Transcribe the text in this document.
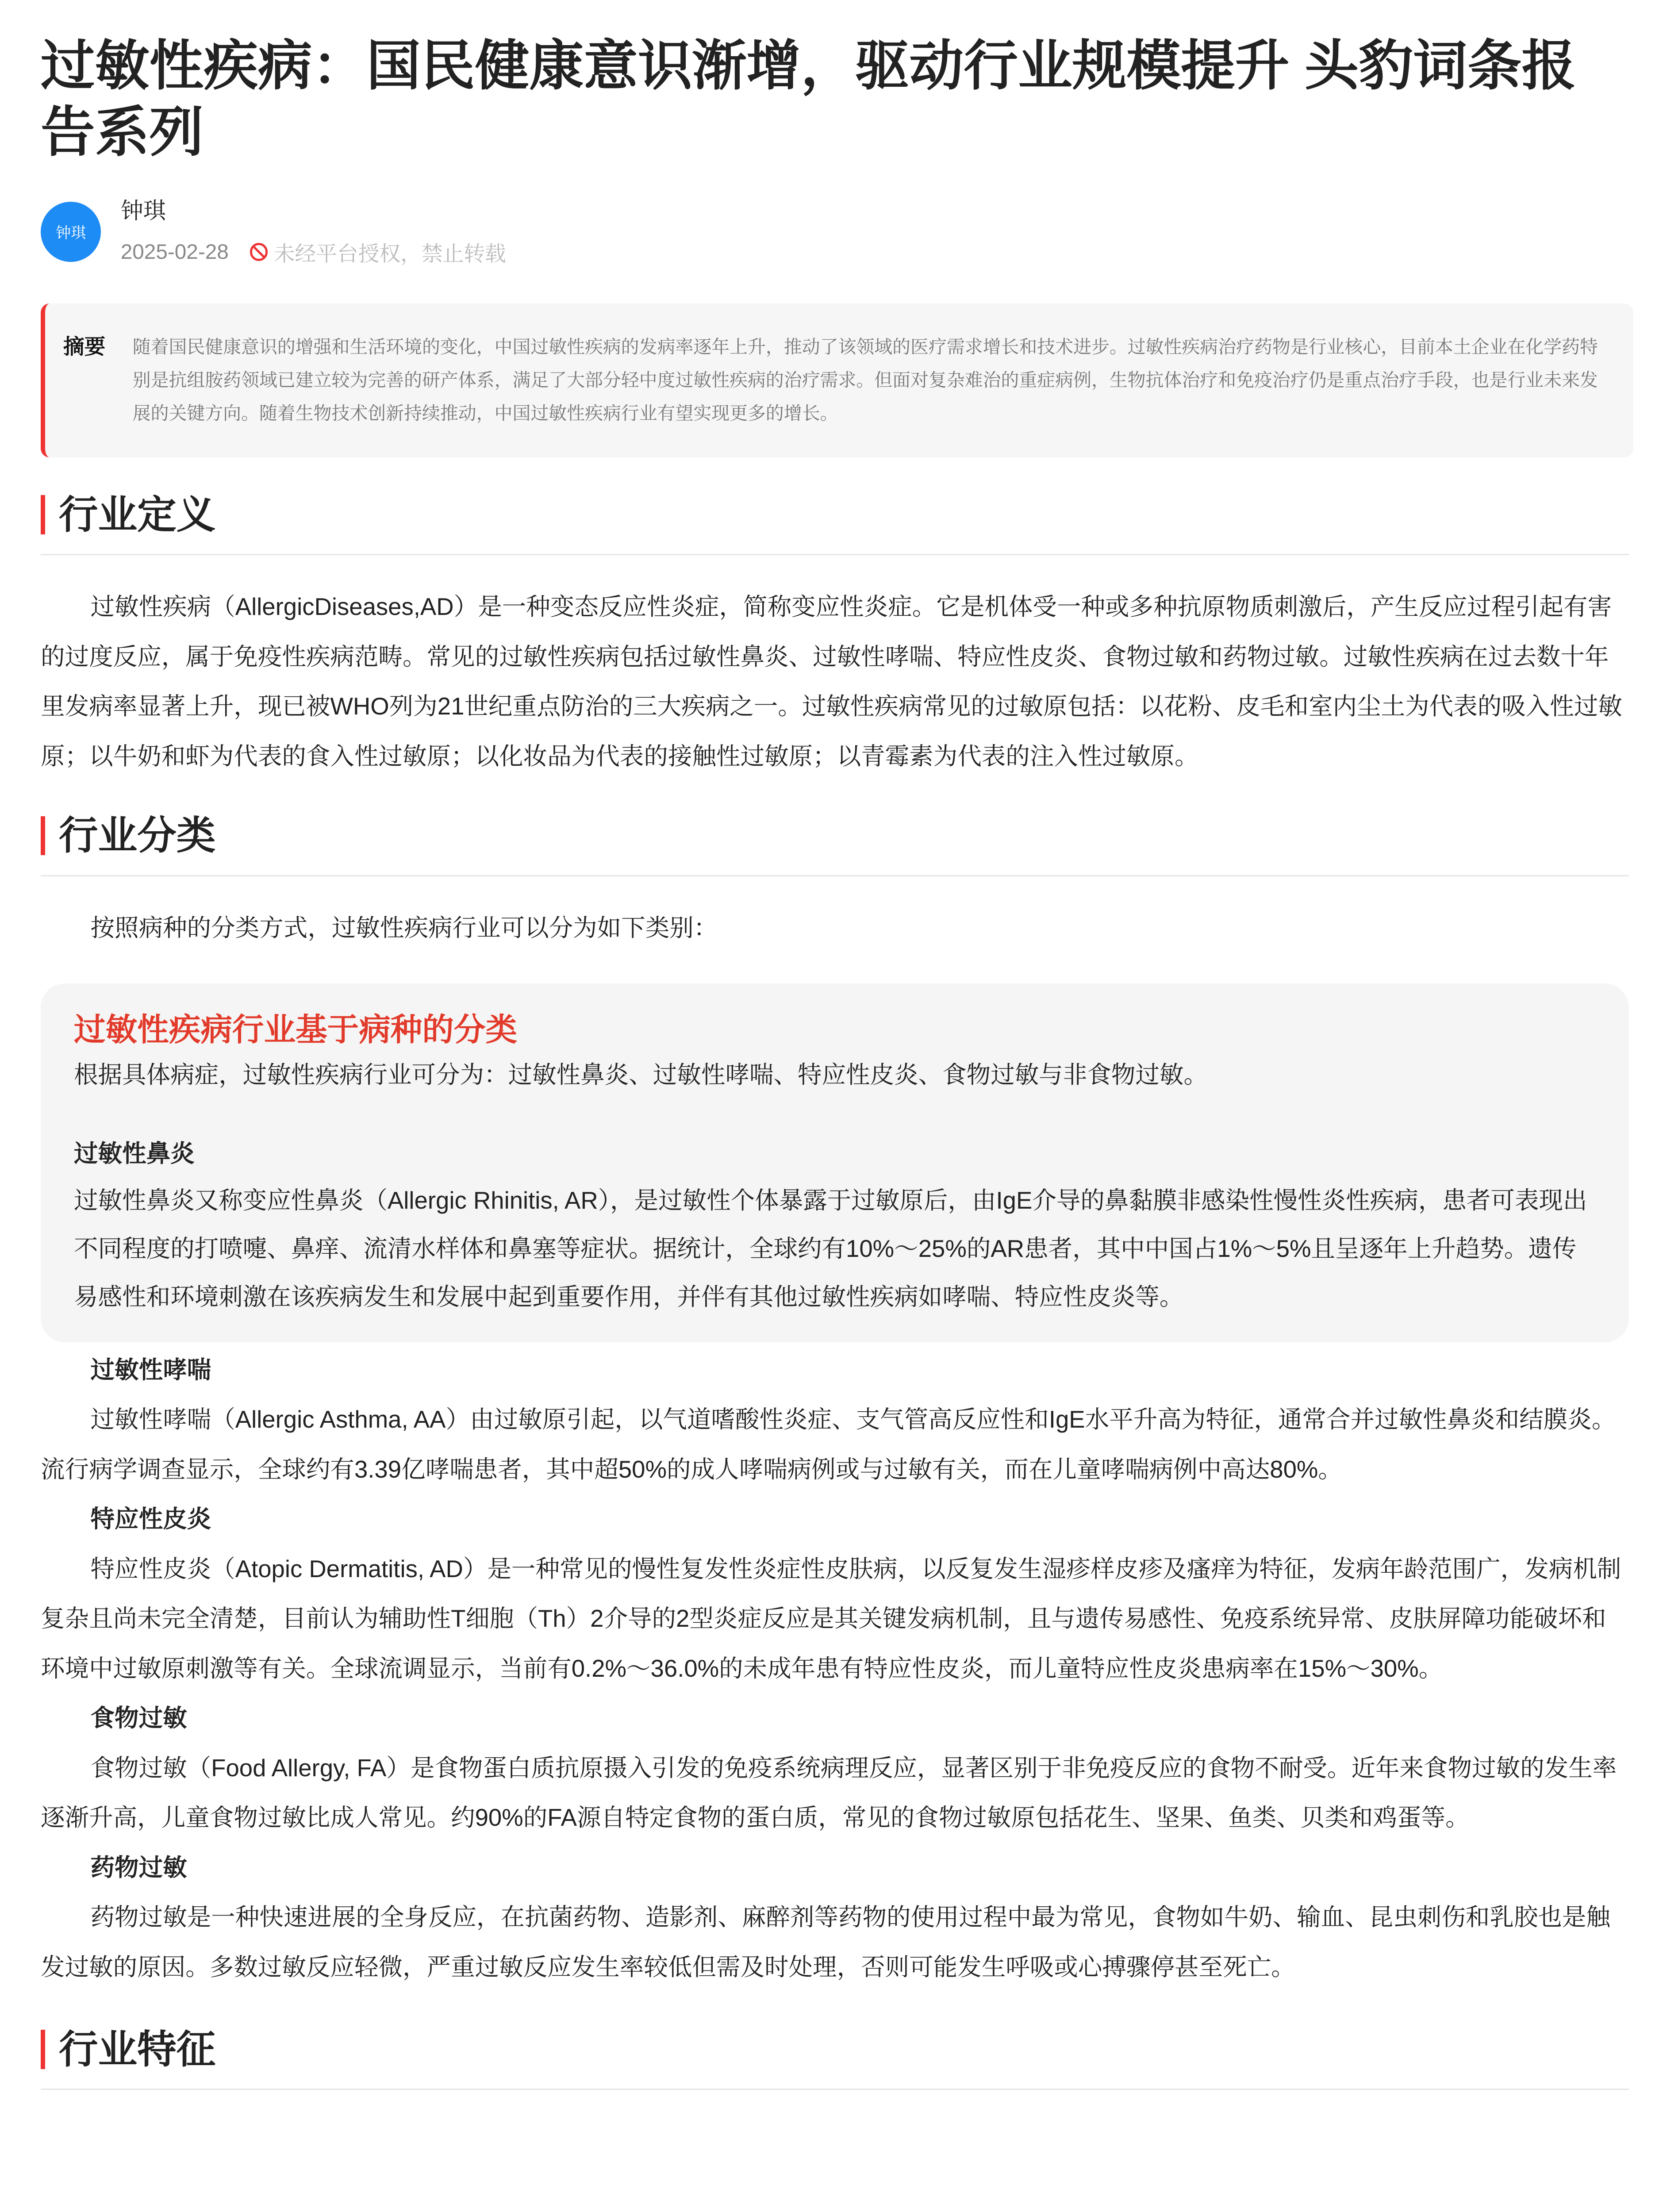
过敏性疾病：国民健康意识渐增，驱动行业规模提升 头豹词条报告系列
钟琪
钟琪
2025-02-28	未经平台授权，禁止转载
摘要	随着国民健康意识的增强和生活环境的变化，中国过敏性疾病的发病率逐年上升，推动了该领域的医疗需求增长和技术进步。过敏性疾病治疗药物是行业核心，目前本土企业在化学药特别是抗组胺药领域已建立较为完善的研产体系，满足了大部分轻中度过敏性疾病的治疗需求。但面对复杂难治的重症病例，生物抗体治疗和免疫治疗仍是重点治疗手段，也是行业未来发展的关键方向。随着生物技术创新持续推动，中国过敏性疾病行业有望实现更多的增长。
行业定义

过敏性疾病（AllergicDiseases,AD）是一种变态反应性炎症，简称变应性炎症。它是机体受一种或多种抗原物质刺激后，产生反应过程引起有害的过度反应，属于免疫性疾病范畴。常见的过敏性疾病包括过敏性鼻炎、过敏性哮喘、特应性皮炎、食物过敏和药物过敏。过敏性疾病在过去数十年里发病率显著上升，现已被WHO列为21世纪重点防治的三大疾病之一。过敏性疾病常见的过敏原包括：以花粉、皮毛和室内尘土为代表的吸入性过敏原；以牛奶和虾为代表的食入性过敏原；以化妆品为代表的接触性过敏原；以青霉素为代表的注入性过敏原。

行业分类

按照病种的分类方式，过敏性疾病行业可以分为如下类别：

过敏性疾病行业基于病种的分类
根据具体病症，过敏性疾病行业可分为：过敏性鼻炎、过敏性哮喘、特应性皮炎、食物过敏与非食物过敏。
过敏性鼻炎

过敏性鼻炎又称变应性鼻炎（Allergic Rhinitis, AR），是过敏性个体暴露于过敏原后，由IgE介导的鼻黏膜非感染性慢性炎性疾病，患者可表现出不同程度的打喷嚏、鼻痒、流清水样体和鼻塞等症状。据统计，全球约有10%～25%的AR患者，其中中国占1%～5%且呈逐年上升趋势。遗传易感性和环境刺激在该疾病发生和发展中起到重要作用，并伴有其他过敏性疾病如哮喘、特应性皮炎等。

过敏性哮喘

过敏性哮喘（Allergic Asthma, AA）由过敏原引起，以气道嗜酸性炎症、支气管高反应性和IgE水平升高为特征，通常合并过敏性鼻炎和结膜炎。流行病学调查显示，全球约有3.39亿哮喘患者，其中超50%的成人哮喘病例或与过敏有关，而在儿童哮喘病例中高达80%。

特应性皮炎

特应性皮炎（Atopic Dermatitis, AD）是一种常见的慢性复发性炎症性皮肤病，以反复发生湿疹样皮疹及瘙痒为特征，发病年龄范围广，发病机制复杂且尚未完全清楚，目前认为辅助性T细胞（Th）2介导的2型炎症反应是其关键发病机制，且与遗传易感性、免疫系统异常、皮肤屏障功能破坏和环境中过敏原刺激等有关。全球流调显示，当前有0.2%～36.0%的未成年患有特应性皮炎，而儿童特应性皮炎患病率在15%～30%。

食物过敏

食物过敏（Food Allergy, FA）是食物蛋白质抗原摄入引发的免疫系统病理反应，显著区别于非免疫反应的食物不耐受。近年来食物过敏的发生率逐渐升高，儿童食物过敏比成人常见。约90%的FA源自特定食物的蛋白质，常见的食物过敏原包括花生、坚果、鱼类、贝类和鸡蛋等。

药物过敏

药物过敏是一种快速进展的全身反应，在抗菌药物、造影剂、麻醉剂等药物的使用过程中最为常见，食物如牛奶、输血、昆虫刺伤和乳胶也是触发过敏的原因。多数过敏反应轻微，严重过敏反应发生率较低但需及时处理，否则可能发生呼吸或心搏骤停甚至死亡。

行业特征
